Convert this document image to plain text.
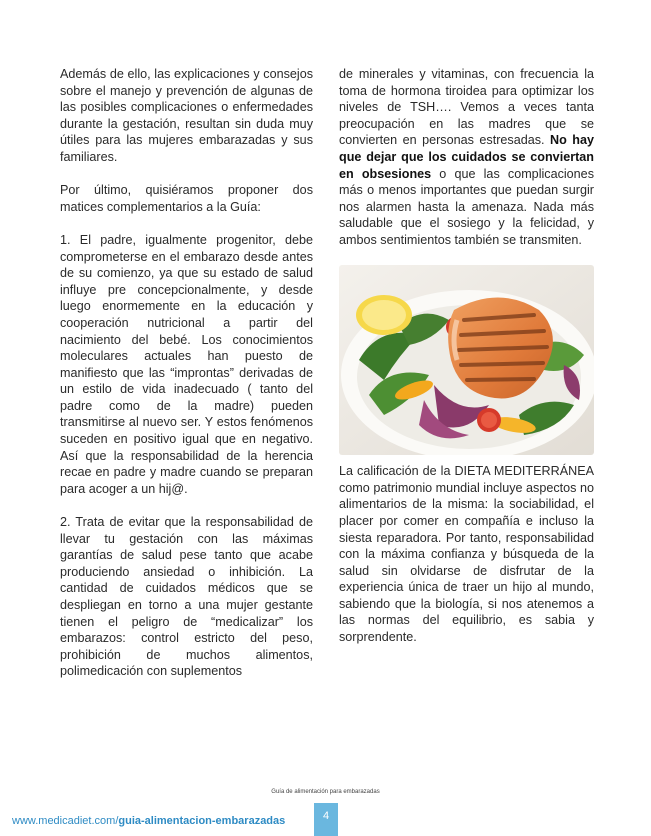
Además de ello, las explicaciones y consejos sobre el manejo y prevención de algunas de las posibles complicaciones o enfermedades durante la gestación, resultan sin duda muy útiles para las mujeres embarazadas y sus familiares.

Por último, quisiéramos proponer dos matices complementarios a la Guía:

1. El padre, igualmente progenitor, debe comprometerse en el embarazo desde antes de su comienzo, ya que su estado de salud influye pre concepcionalmente, y desde luego enormemente en la educación y cooperación nutricional a partir del nacimiento del bebé. Los conocimientos moleculares actuales han puesto de manifiesto que las “improntas” derivadas de un estilo de vida inadecuado ( tanto del padre como de la madre) pueden transmitirse al nuevo ser. Y estos fenómenos suceden en positivo igual que en negativo. Así que la responsabilidad de la herencia recae en padre y madre cuando se preparan para acoger a un hij@.

2. Trata de evitar que la responsabilidad de llevar tu gestación con las máximas garantías de salud pese tanto que acabe produciendo ansiedad o inhibición. La cantidad de cuidados médicos que se despliegan en torno a una mujer gestante tienen el peligro de “medicalizar” los embarazos: control estricto del peso, prohibición de muchos alimentos, polimedicación con suplementos

de minerales y vitaminas, con frecuencia la toma de hormona tiroidea para optimizar los niveles de TSH…. Vemos a veces tanta preocupación en las madres que se convierten en personas estresadas. No hay que dejar que los cuidados se conviertan en obsesiones o que las complicaciones más o menos importantes que puedan surgir nos alarmen hasta la amenaza. Nada más saludable que el sosiego y la felicidad, y ambos sentimientos también se transmiten.

La calificación de la DIETA MEDITERRÁNEA como patrimonio mundial incluye aspectos no alimentarios de la misma: la sociabilidad, el placer por comer en compañía e incluso la siesta reparadora. Por tanto, responsabilidad con la máxima confianza y búsqueda de la salud sin olvidarse de disfrutar de la experiencia única de traer un hijo al mundo, sabiendo que la biología, si nos atenemos a las normas del equilibrio, es sabia y sorprendente.

Guía de alimentación para embarazadas
www.medicadiet.com/guia-alimentacion-embarazadas	4
